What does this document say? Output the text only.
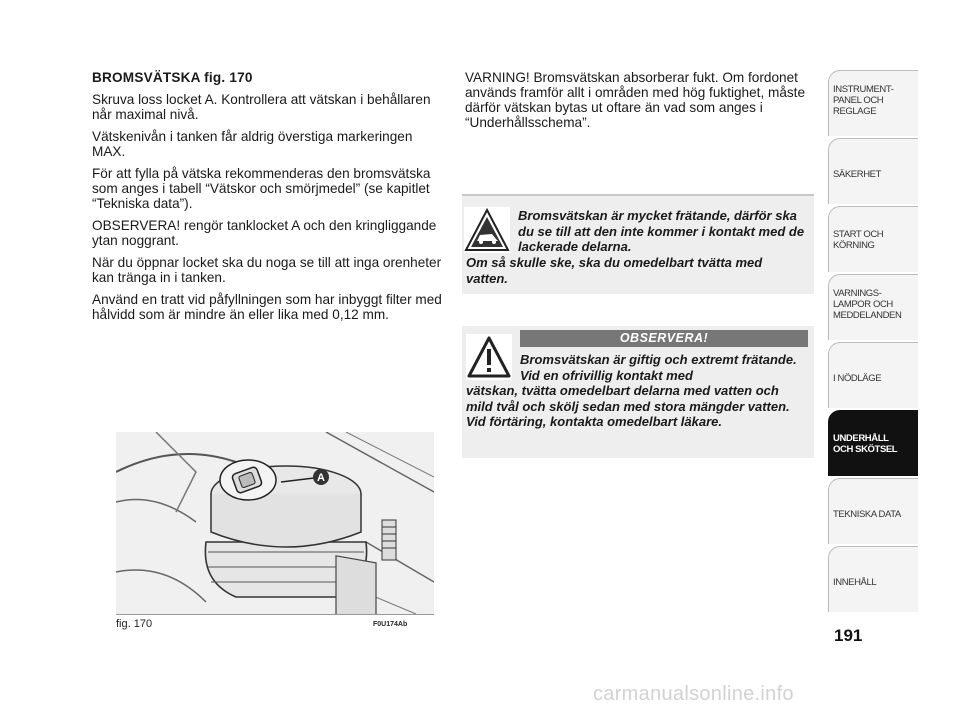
BROMSVÄTSKA fig. 170

Skruva loss locket A. Kontrollera att vätskan i behållaren når maximal nivå.

Vätskenivån i tanken får aldrig överstiga markeringen MAX.

För att fylla på vätska rekommenderas den bromsvätska som anges i tabell “Vätskor och smörjmedel” (se kapitlet “Tekniska data”).

OBSERVERA! rengör tanklocket A och den kringliggande ytan noggrant.

När du öppnar locket ska du noga se till att inga orenheter kan tränga in i tanken.

Använd en tratt vid påfyllningen som har inbyggt filter med hålvidd som är mindre än eller lika med 0,12 mm.

A
fig. 170	F0U174Ab

VARNING! Bromsvätskan absorberar fukt. Om fordonet används framför allt i områden med hög fuktighet, måste därför vätskan bytas ut oftare än vad som anges i “Underhållsschema”.

Bromsvätskan är mycket frätande, därför ska du se till att den inte kommer i kontakt med de lackerade delarna.
Om så skulle ske, ska du omedelbart tvätta med vatten.
OBSERVERA!
Bromsvätskan är giftig och extremt frätande. Vid en ofrivillig kontakt med
vätskan, tvätta omedelbart delarna med vatten och mild tvål och skölj sedan med stora mängder vatten. Vid förtäring, kontakta omedelbart läkare.
INSTRUMENT-
PANEL OCH
REGLAGE
SÄKERHET
START OCH
KÖRNING
VARNINGS-
LAMPOR OCH
MEDDELANDEN
I NÖDLÄGE
UNDERHÅLL
OCH SKÖTSEL
TEKNISKA DATA
INNEHÅLL
191
carmanualsonline.info
